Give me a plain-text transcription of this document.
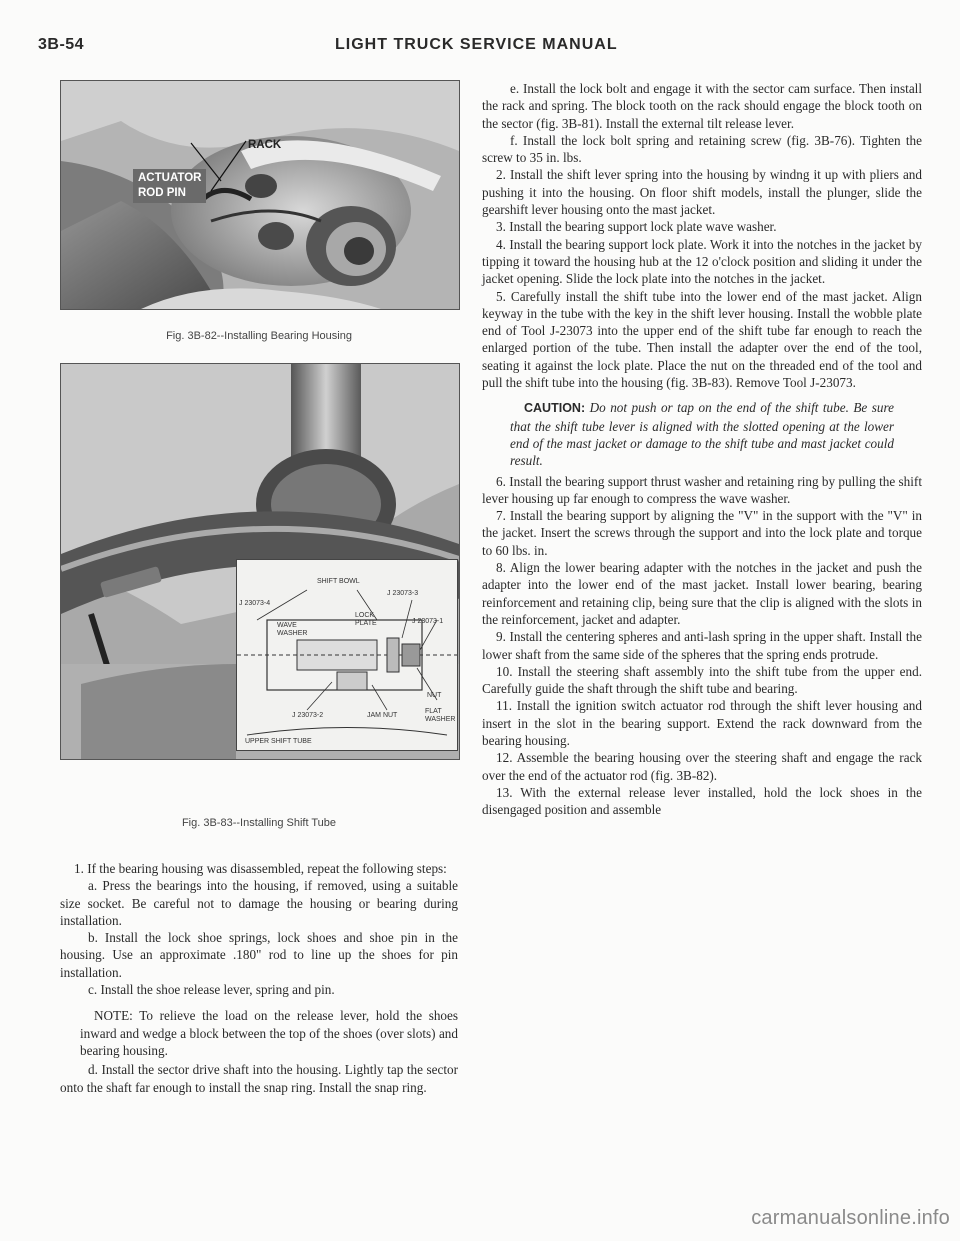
3B-54	LIGHT TRUCK SERVICE MANUAL
ACTUATOR
ROD PIN
RACK
Fig. 3B-82--Installing Bearing Housing
SHIFT BOWL
J 23073-3
J 23073-4
LOCK
PLATE
WAVE
WASHER
J 23073-1
NUT
J 23073-2	JAM NUT
FLAT
WASHER
UPPER SHIFT TUBE
Fig. 3B-83--Installing Shift Tube

1. If the bearing housing was disassembled, repeat the following steps:

a. Press the bearings into the housing, if removed, using a suitable size socket. Be careful not to damage the housing or bearing during installation.

b. Install the lock shoe springs, lock shoes and shoe pin in the housing. Use an approximate .180" rod to line up the shoes for pin installation.

c. Install the shoe release lever, spring and pin.

NOTE: To relieve the load on the release lever, hold the shoes inward and wedge a block between the top of the shoes (over slots) and bearing housing.

d. Install the sector drive shaft into the housing. Lightly tap the sector onto the shaft far enough to install the snap ring. Install the snap ring.

e. Install the lock bolt and engage it with the sector cam surface. Then install the rack and spring. The block tooth on the rack should engage the block tooth on the sector (fig. 3B-81). Install the external tilt release lever.

f. Install the lock bolt spring and retaining screw (fig. 3B-76). Tighten the screw to 35 in. lbs.

2. Install the shift lever spring into the housing by windng it up with pliers and pushing it into the housing. On floor shift models, install the plunger, slide the gearshift lever housing onto the mast jacket.

3. Install the bearing support lock plate wave washer.

4. Install the bearing support lock plate. Work it into the notches in the jacket by tipping it toward the housing hub at the 12 o'clock position and sliding it under the jacket opening. Slide the lock plate into the notches in the jacket.

5. Carefully install the shift tube into the lower end of the mast jacket. Align keyway in the tube with the key in the shift lever housing. Install the wobble plate end of Tool J-23073 into the upper end of the shift tube far enough to reach the enlarged portion of the tube. Then install the adapter over the end of the tool, seating it against the lock plate. Place the nut on the threaded end of the tool and pull the shift tube into the housing (fig. 3B-83). Remove Tool J-23073.

CAUTION: Do not push or tap on the end of the shift tube. Be sure that the shift tube lever is aligned with the slotted opening at the lower end of the mast jacket or damage to the shift tube and mast jacket could result.

6. Install the bearing support thrust washer and retaining ring by pulling the shift lever housing up far enough to compress the wave washer.

7. Install the bearing support by aligning the "V" in the support with the "V" in the jacket. Insert the screws through the support and into the lock plate and torque to 60 lbs. in.

8. Align the lower bearing adapter with the notches in the jacket and push the adapter into the lower end of the mast jacket. Install lower bearing, bearing reinforcement and retaining clip, being sure that the clip is aligned with the slots in the reinforcement, jacket and adapter.

9. Install the centering spheres and anti-lash spring in the upper shaft. Install the lower shaft from the same side of the spheres that the spring ends protrude.

10. Install the steering shaft assembly into the shift tube from the upper end. Carefully guide the shaft through the shift tube and bearing.

11. Install the ignition switch actuator rod through the shift lever housing and insert in the slot in the bearing support. Extend the rack downward from the bearing housing.

12. Assemble the bearing housing over the steering shaft and engage the rack over the end of the actuator rod (fig. 3B-82).

13. With the external release lever installed, hold the lock shoes in the disengaged position and assemble

carmanualsonline.info
